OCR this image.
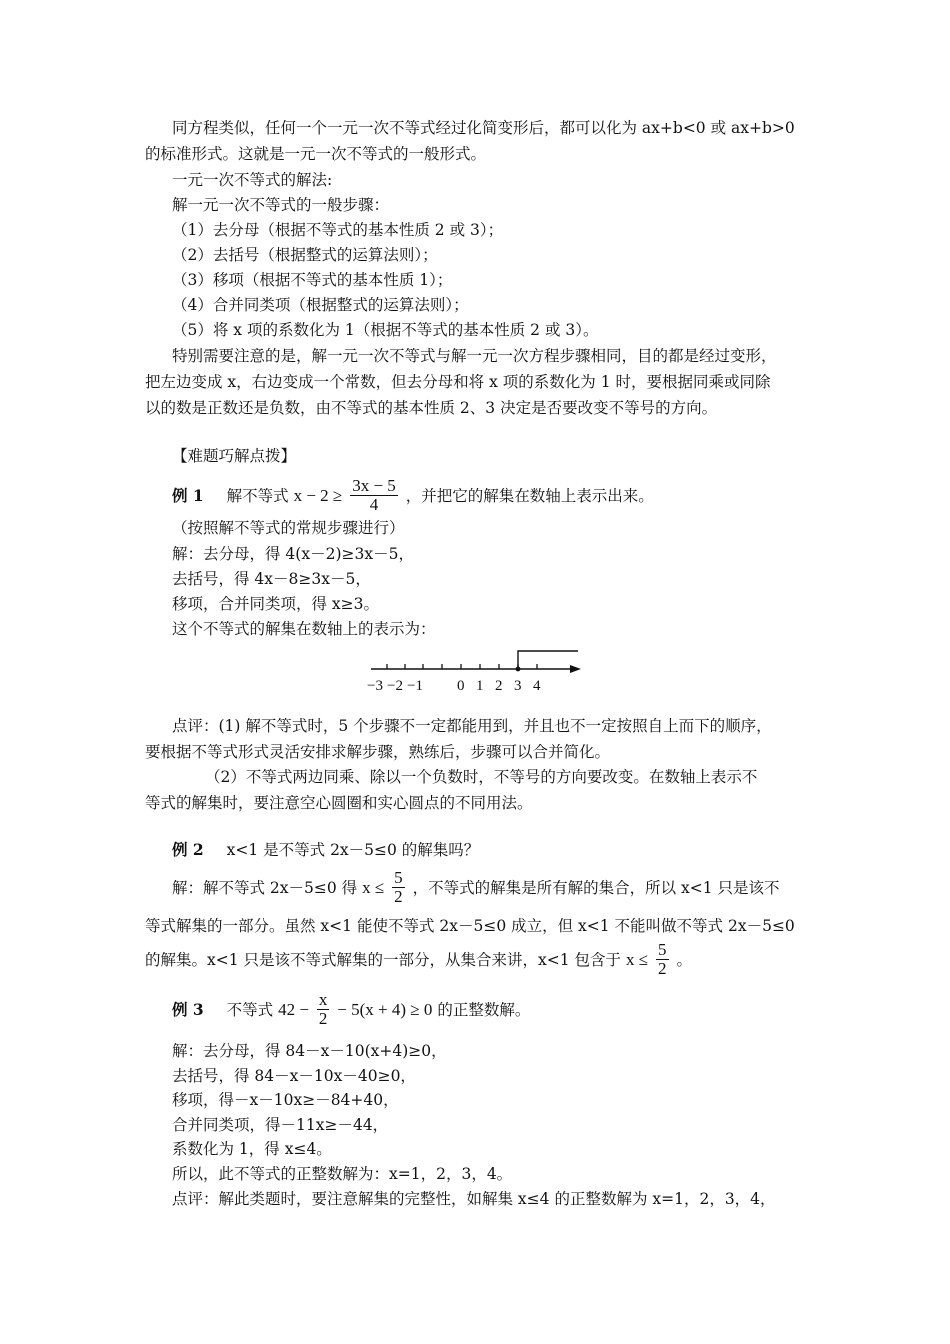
同方程类似，任何一个一元一次不等式经过化简变形后，都可以化为 ax+b<0 或 ax+b>0
的标准形式。这就是一元一次不等式的一般形式。
一元一次不等式的解法:
解一元一次不等式的一般步骤：
（1）去分母（根据不等式的基本性质 2 或 3）；
（2）去括号（根据整式的运算法则）；
（3）移项（根据不等式的基本性质 1）；
（4）合并同类项（根据整式的运算法则）；
（5）将 x 项的系数化为 1（根据不等式的基本性质 2 或 3）。
特别需要注意的是，解一元一次不等式与解一元一次方程步骤相同，目的都是经过变形，
把左边变成 x，右边变成一个常数，但去分母和将 x 项的系数化为 1 时，要根据同乘或同除
以的数是正数还是负数，由不等式的基本性质 2、3 决定是否要改变不等号的方向。
【难题巧解点拨】
例 1 解不等式 $x - 2 \ge \frac{3x - 5}{4}$ ，并把它的解集在数轴上表示出来。
（按照解不等式的常规步骤进行）
解：去分母，得 4(x－2)≥3x－5，
去括号，得 4x－8≥3x－5，
移项，合并同类项，得 x≥3。
这个不等式的解集在数轴上的表示为：
−3 −2 −1 0 1 2 3 4
点评：(1) 解不等式时，5 个步骤不一定都能用到，并且也不一定按照自上而下的顺序，
要根据不等式形式灵活安排求解步骤，熟练后，步骤可以合并简化。
（2）不等式两边同乘、除以一个负数时，不等号的方向要改变。在数轴上表示不
等式的解集时，要注意空心圆圈和实心圆点的不同用法。
例 2 x<1 是不等式 2x－5≤0 的解集吗？
解：解不等式 2x－5≤0 得 $x \le \frac{5}{2}$ ，不等式的解集是所有解的集合，所以 x<1 只是该不
等式解集的一部分。虽然 x<1 能使不等式 2x－5≤0 成立，但 x<1 不能叫做不等式 2x－5≤0
的解集。x<1 只是该不等式解集的一部分，从集合来讲，x<1 包含于 $x \le \frac{5}{2}$ 。
例 3 不等式 $42 - \frac{x}{2} - 5(x + 4) \ge 0$ 的正整数解。
解：去分母，得 84－x－10(x+4)≥0，
去括号，得 84－x－10x－40≥0，
移项，得－x－10x≥－84+40，
合并同类项，得－11x≥－44，
系数化为 1，得 x≤4。
所以，此不等式的正整数解为：x=1，2，3，4。
点评：解此类题时，要注意解集的完整性，如解集 x≤4 的正整数解为 x=1，2，3，4，
